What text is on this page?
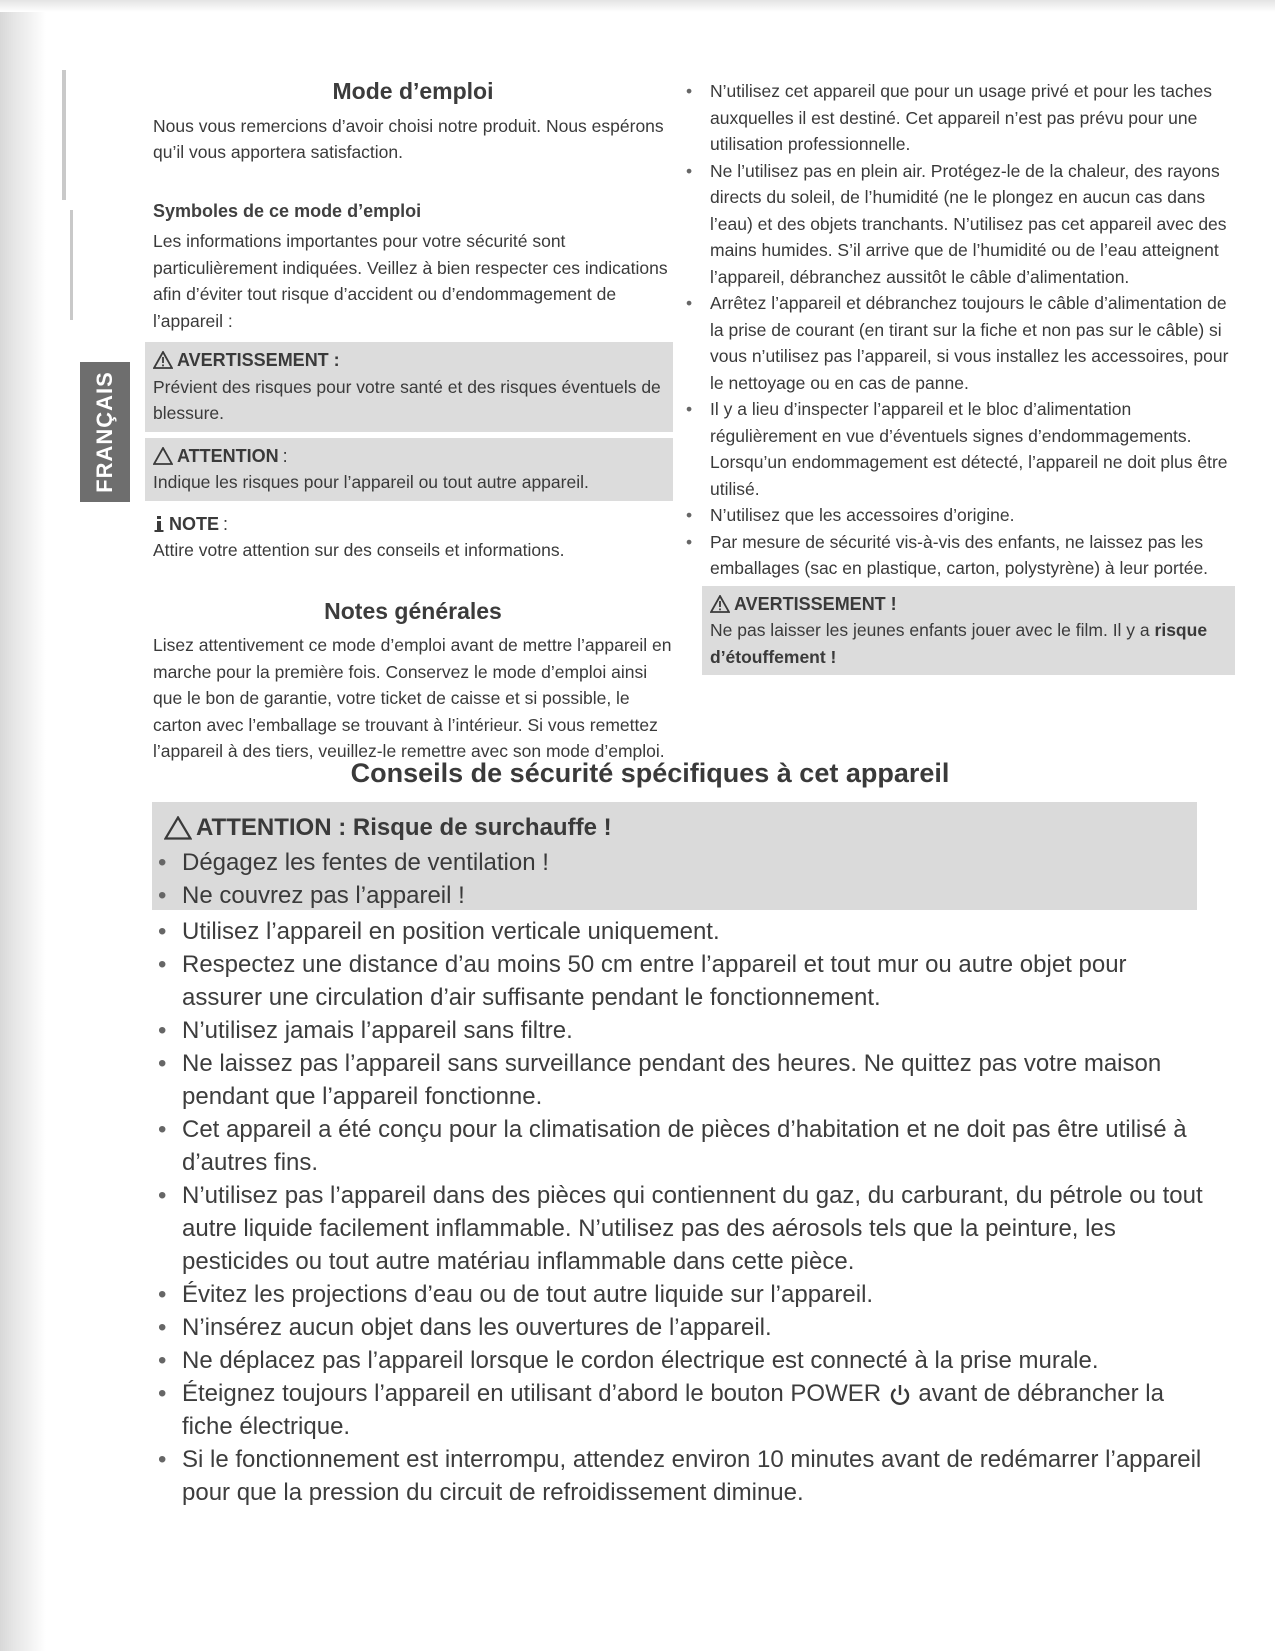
FRANÇAIS
Mode d’emploi

Nous vous remercions d’avoir choisi notre produit. Nous espérons qu’il vous apportera satisfaction.

Symboles de ce mode d’emploi

Les informations importantes pour votre sécurité sont particulièrement indiquées. Veillez à bien respecter ces indications afin d’éviter tout risque d’accident ou d’endommagement de l’appareil :

AVERTISSEMENT :

Prévient des risques pour votre santé et des risques éventuels de blessure.

ATTENTION :

Indique les risques pour l’appareil ou tout autre appareil.

NOTE :

Attire votre attention sur des conseils et informations.

Notes générales

Lisez attentivement ce mode d’emploi avant de mettre l’appareil en marche pour la première fois. Conservez le mode d’emploi ainsi que le bon de garantie, votre ticket de caisse et si possible, le carton avec l’emballage se trouvant à l’intérieur. Si vous remettez l’appareil à des tiers, veuillez-le remettre avec son mode d’emploi.

• N’utilisez cet appareil que pour un usage privé et pour les taches auxquelles il est destiné. Cet appareil n’est pas prévu pour une utilisation professionnelle.
• Ne l’utilisez pas en plein air. Protégez-le de la chaleur, des rayons directs du soleil, de l’humidité (ne le plongez en aucun cas dans l’eau) et des objets tranchants. N’utilisez pas cet appareil avec des mains humides. S’il arrive que de l’humidité ou de l’eau atteignent l’appareil, débranchez aussitôt le câble d’alimentation.
• Arrêtez l’appareil et débranchez toujours le câble d’alimentation de la prise de courant (en tirant sur la fiche et non pas sur le câble) si vous n’utilisez pas l’appareil, si vous installez les accessoires, pour le nettoyage ou en cas de panne.
• Il y a lieu d’inspecter l’appareil et le bloc d’alimentation régulièrement en vue d’éventuels signes d’endommagements. Lorsqu’un endommagement est détecté, l’appareil ne doit plus être utilisé.
• N’utilisez que les accessoires d’origine.
• Par mesure de sécurité vis-à-vis des enfants, ne laissez pas les emballages (sac en plastique, carton, polystyrène) à leur portée.
AVERTISSEMENT !

Ne pas laisser les jeunes enfants jouer avec le film. Il y a risque d’étouffement !

Conseils de sécurité spécifiques à cet appareil
ATTENTION : Risque de surchauffe !
• Dégagez les fentes de ventilation !
• Ne couvrez pas l’appareil !
• Utilisez l’appareil en position verticale uniquement.
• Respectez une distance d’au moins 50 cm entre l’appareil et tout mur ou autre objet pour assurer une circulation d’air suffisante pendant le fonctionnement.
• N’utilisez jamais l’appareil sans filtre.
• Ne laissez pas l’appareil sans surveillance pendant des heures. Ne quittez pas votre maison pendant que l’appareil fonctionne.
• Cet appareil a été conçu pour la climatisation de pièces d’habitation et ne doit pas être utilisé à d’autres fins.
• N’utilisez pas l’appareil dans des pièces qui contiennent du gaz, du carburant, du pétrole ou tout autre liquide facilement inflammable. N’utilisez pas des aérosols tels que la peinture, les pesticides ou tout autre matériau inflammable dans cette pièce.
• Évitez les projections d’eau ou de tout autre liquide sur l’appareil.
• N’insérez aucun objet dans les ouvertures de l’appareil.
• Ne déplacez pas l’appareil lorsque le cordon électrique est connecté à la prise murale.
• Éteignez toujours l’appareil en utilisant d’abord le bouton POWER avant de débrancher la fiche électrique.
• Si le fonctionnement est interrompu, attendez environ 10 minutes avant de redémarrer l’appareil pour que la pression du circuit de refroidissement diminue.
